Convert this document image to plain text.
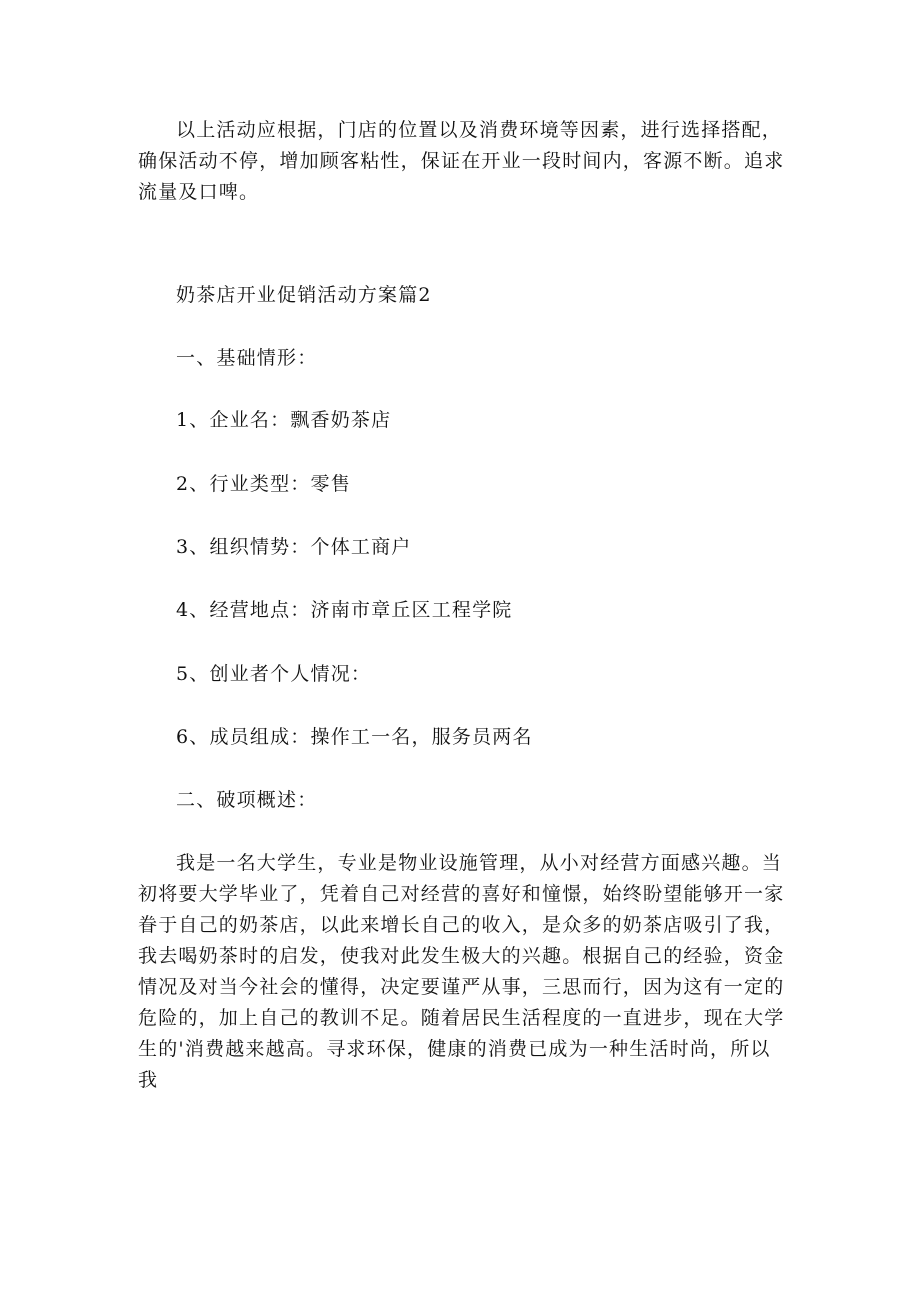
以上活动应根据，门店的位置以及消费环境等因素，进行选择搭配，确保活动不停，增加顾客粘性，保证在开业一段时间内，客源不断。追求流量及口啤。

奶茶店开业促销活动方案篇2

一、基础情形：

1、企业名：飘香奶茶店

2、行业类型：零售

3、组织情势：个体工商户

4、经营地点：济南市章丘区工程学院

5、创业者个人情况：

6、成员组成：操作工一名，服务员两名

二、破项概述：

我是一名大学生，专业是物业设施管理，从小对经营方面感兴趣。当初将要大学毕业了，凭着自己对经营的喜好和憧憬，始终盼望能够开一家眷于自己的奶茶店，以此来增长自己的收入，是众多的奶茶店吸引了我，我去喝奶茶时的启发，使我对此发生极大的兴趣。根据自己的经验，资金情况及对当今社会的懂得，决定要谨严从事，三思而行，因为这有一定的危险的，加上自己的教训不足。随着居民生活程度的一直进步，现在大学生的'消费越来越高。寻求环保，健康的消费已成为一种生活时尚，所以我
